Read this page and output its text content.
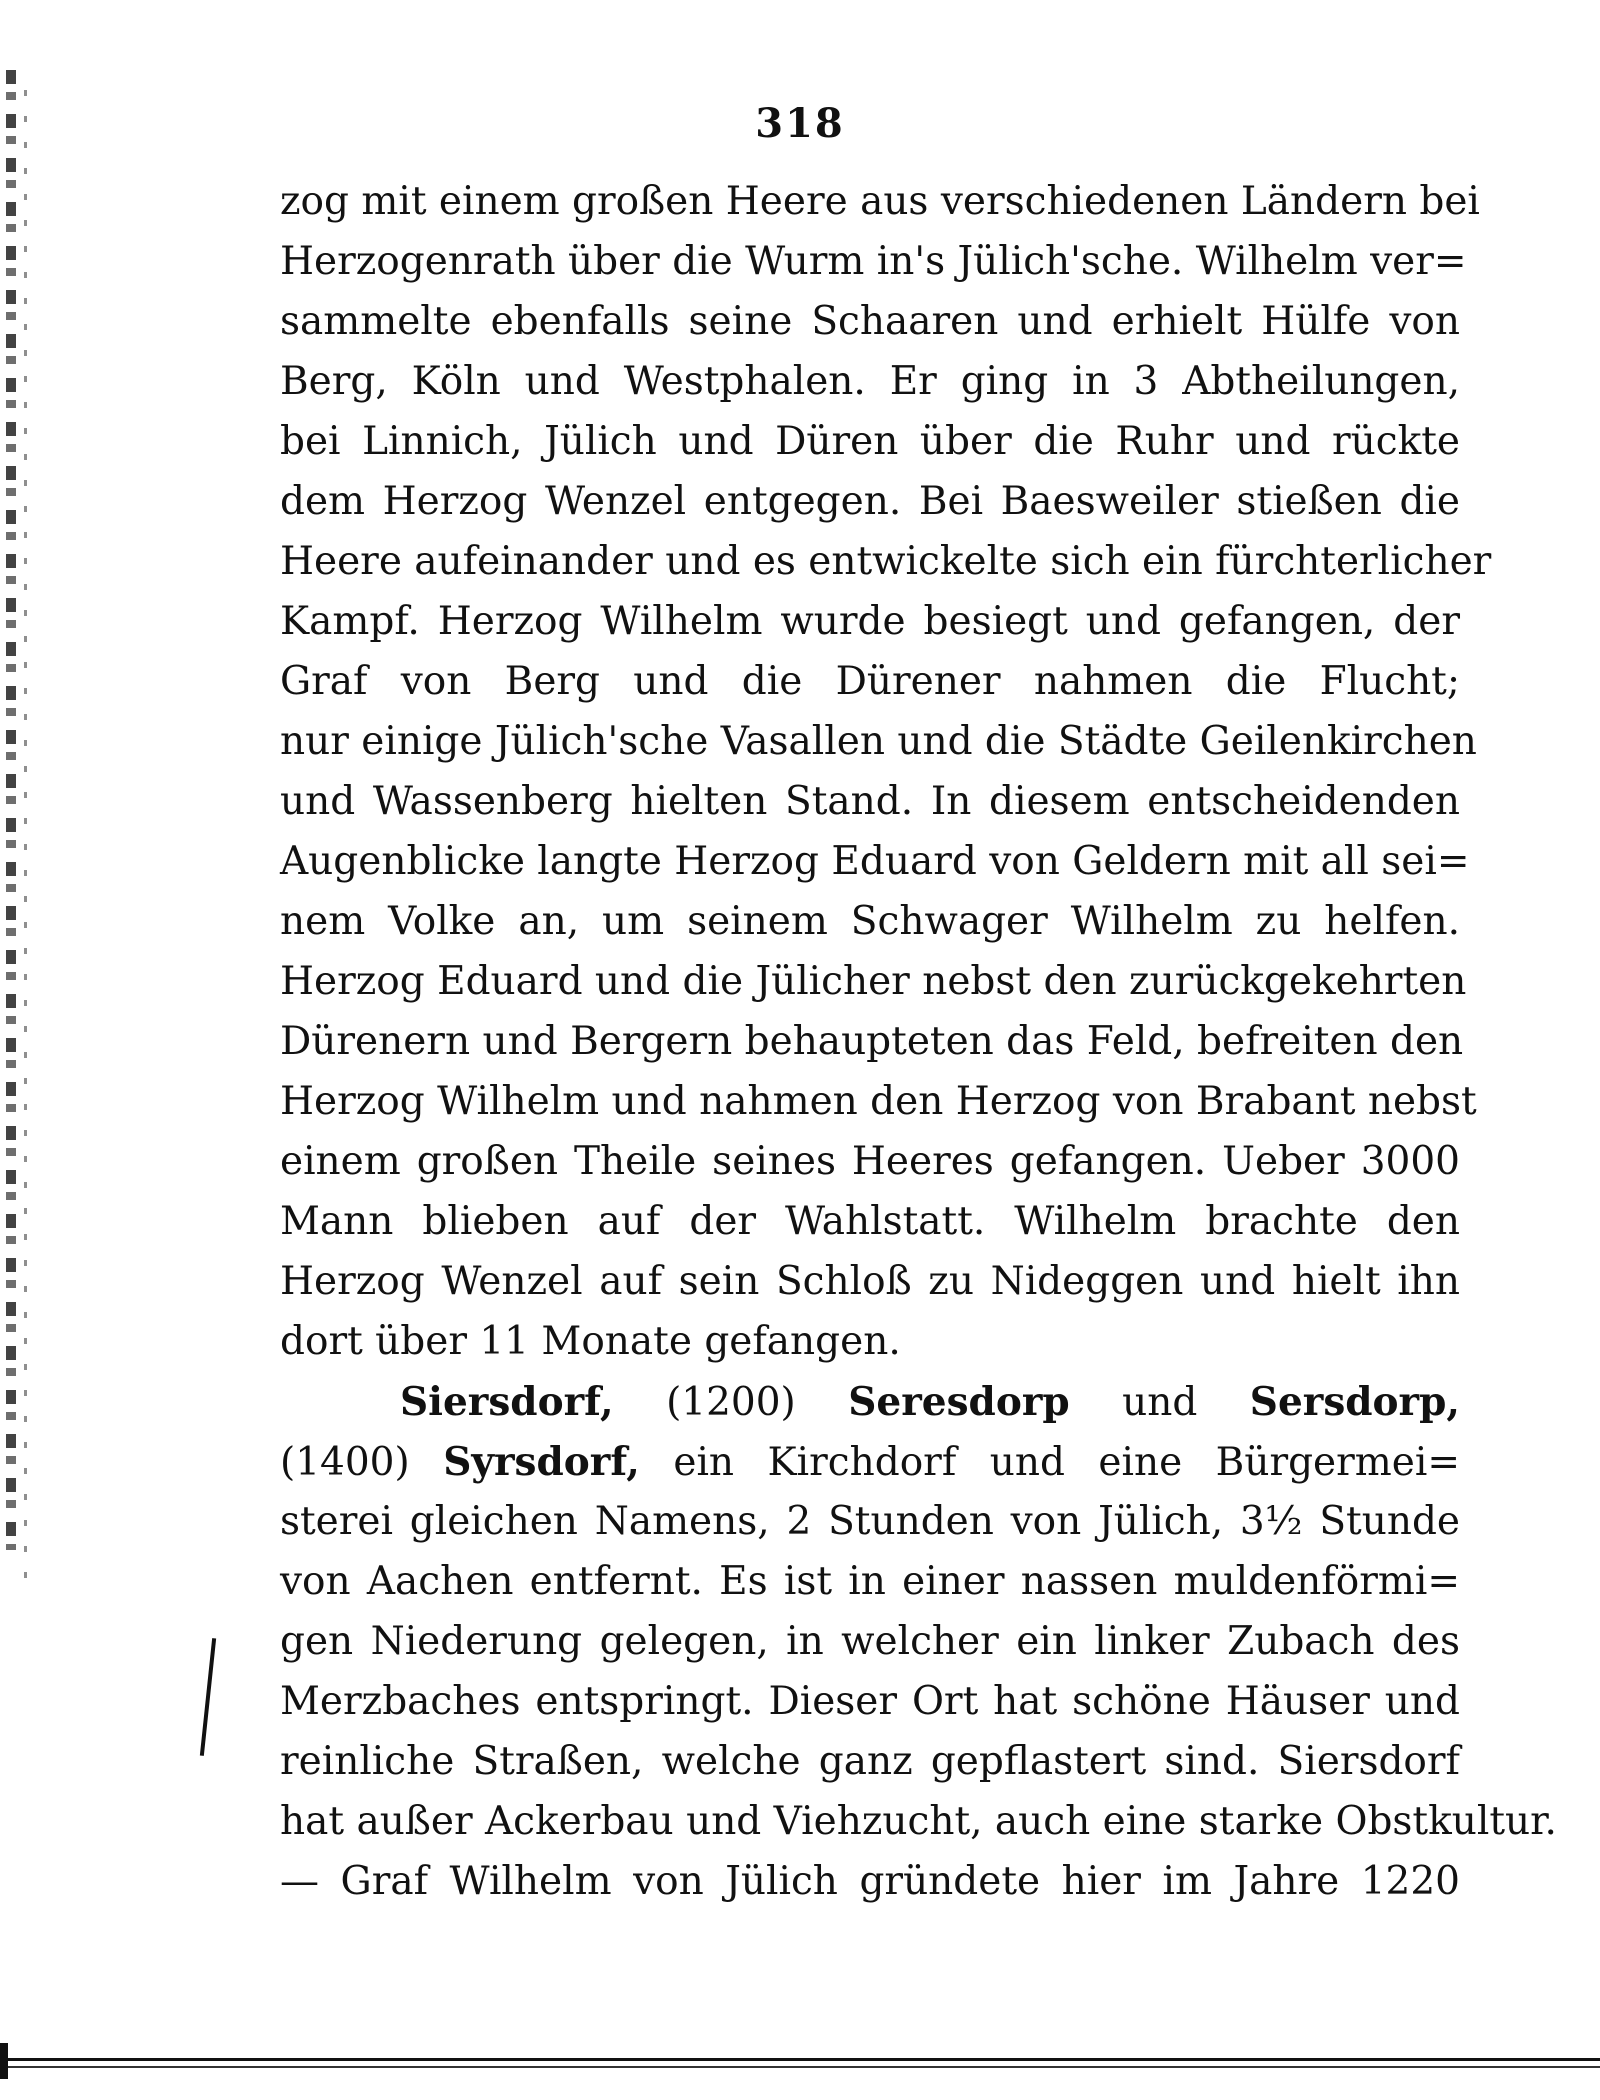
318
zog mit einem großen Heere aus verschiedenen Ländern bei
Herzogenrath über die Wurm in's Jülich'sche. Wilhelm ver=
sammelte ebenfalls seine Schaaren und erhielt Hülfe von
Berg, Köln und Westphalen. Er ging in 3 Abtheilungen,
bei Linnich, Jülich und Düren über die Ruhr und rückte
dem Herzog Wenzel entgegen. Bei Baesweiler stießen die
Heere aufeinander und es entwickelte sich ein fürchterlicher
Kampf. Herzog Wilhelm wurde besiegt und gefangen, der
Graf von Berg und die Dürener nahmen die Flucht;
nur einige Jülich'sche Vasallen und die Städte Geilenkirchen
und Wassenberg hielten Stand. In diesem entscheidenden
Augenblicke langte Herzog Eduard von Geldern mit all sei=
nem Volke an, um seinem Schwager Wilhelm zu helfen.
Herzog Eduard und die Jülicher nebst den zurückgekehrten
Dürenern und Bergern behaupteten das Feld, befreiten den
Herzog Wilhelm und nahmen den Herzog von Brabant nebst
einem großen Theile seines Heeres gefangen. Ueber 3000
Mann blieben auf der Wahlstatt. Wilhelm brachte den
Herzog Wenzel auf sein Schloß zu Nideggen und hielt ihn
dort über 11 Monate gefangen.
Siersdorf, (1200) Seresdorp und Sersdorp,
(1400) Syrsdorf, ein Kirchdorf und eine Bürgermei=
sterei gleichen Namens, 2 Stunden von Jülich, 3½ Stunde
von Aachen entfernt. Es ist in einer nassen muldenförmi=
gen Niederung gelegen, in welcher ein linker Zubach des
Merzbaches entspringt. Dieser Ort hat schöne Häuser und
reinliche Straßen, welche ganz gepflastert sind. Siersdorf
hat außer Ackerbau und Viehzucht, auch eine starke Obstkultur.
— Graf Wilhelm von Jülich gründete hier im Jahre 1220
